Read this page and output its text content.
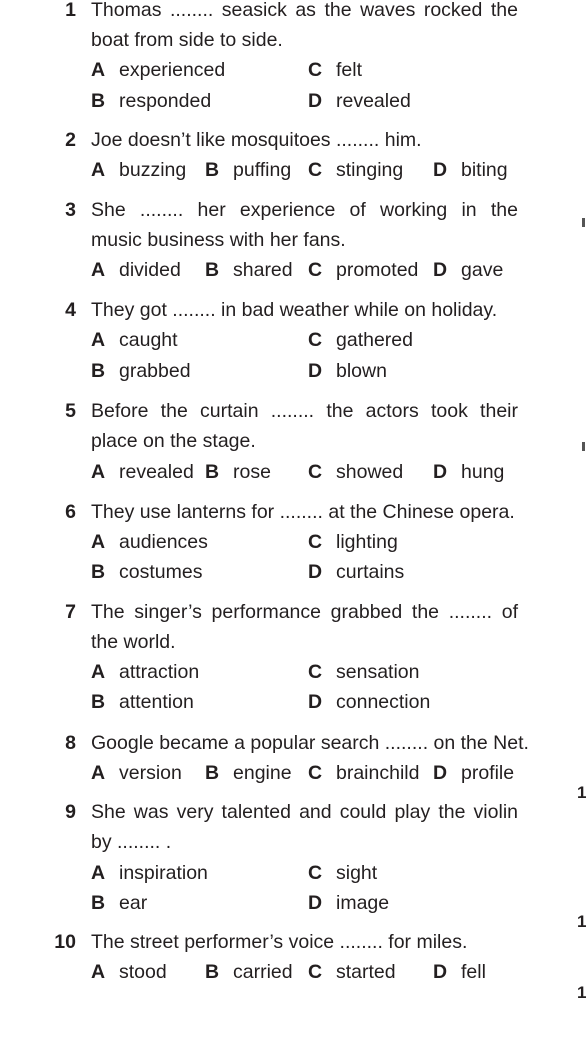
1 Thomas ........ seasick as the waves rocked the
boat from side to side.
A experienced	C felt
B responded	D revealed
2 Joe doesn’t like mosquitoes ........ him.
A buzzing B puffing C stinging D biting
3 She ........ her experience of working in the
music business with her fans.
A divided B shared C promoted D gave
4 They got ........ in bad weather while on holiday.
A caught	C gathered
B grabbed	D blown
5 Before the curtain ........ the actors took their
place on the stage.
A revealed B rose C showed D hung
6 They use lanterns for ........ at the Chinese opera.
A audiences	C lighting
B costumes	D curtains
7 The singer’s performance grabbed the ........ of
the world.
A attraction	C sensation
B attention	D connection
8 Google became a popular search ........ on the Net.
A version B engine C brainchild D profile
9 She was very talented and could play the violin
by ........ .
A inspiration	C sight
B ear	D image
10 The street performer’s voice ........ for miles.
A stood B carried C started D fell
1
1
1
